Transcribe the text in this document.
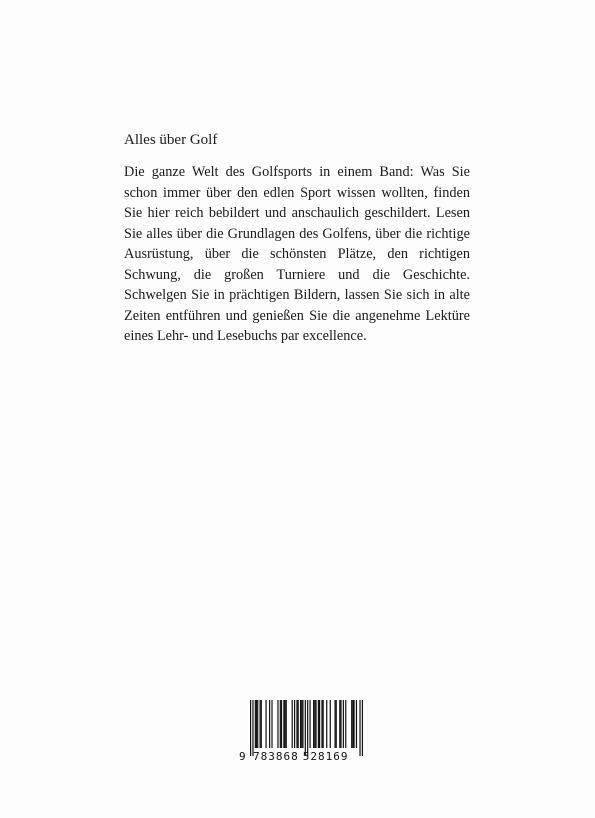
Alles über Golf

Die ganze Welt des Golfsports in einem Band: Was Sie schon immer über den edlen Sport wissen wollten, finden Sie hier reich bebildert und anschaulich geschildert. Lesen Sie alles über die Grundlagen des Golfens, über die richtige Ausrüstung, über die schönsten Plätze, den richtigen Schwung, die großen Turniere und die Geschichte. Schwelgen Sie in prächtigen Bildern, lassen Sie sich in alte Zeiten entführen und genießen Sie die angenehme Lektüre eines Lehr- und Lesebuchs par excellence.

9 783868 528169
